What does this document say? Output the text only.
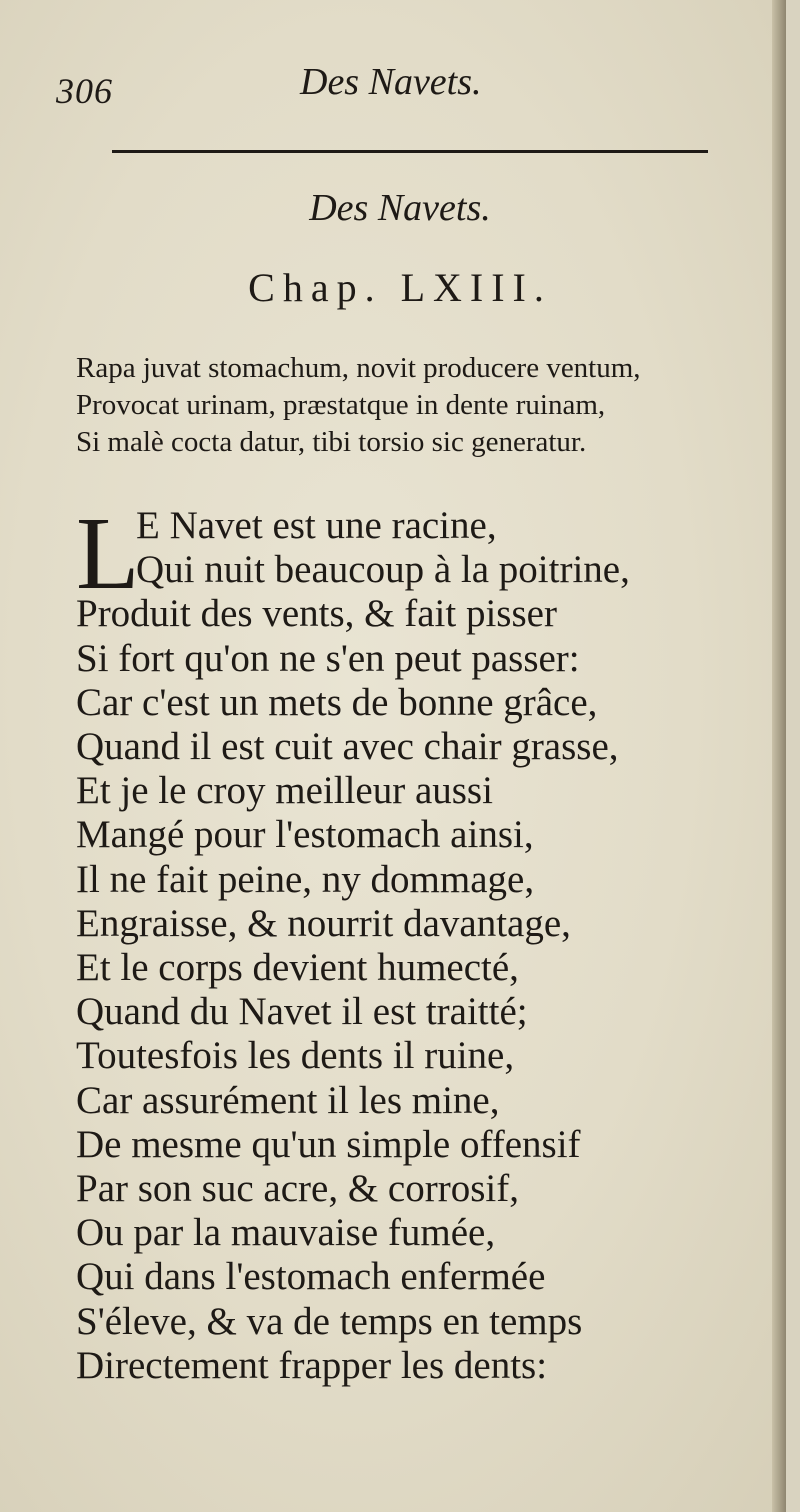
306	Des Navets.
Des Navets.
Chap. LXIII.
Rapa juvat stomachum, novit producere ventum,
Provocat urinam, præstatque in dente ruinam,
Si malè cocta datur, tibi torsio sic generatur.
L
E Navet est une racine,
Qui nuit beaucoup à la poitrine,
Produit des vents, & fait pisser
Si fort qu'on ne s'en peut passer:
Car c'est un mets de bonne grâce,
Quand il est cuit avec chair grasse,
Et je le croy meilleur aussi
Mangé pour l'estomach ainsi,
Il ne fait peine, ny dommage,
Engraisse, & nourrit davantage,
Et le corps devient humecté,
Quand du Navet il est traitté;
Toutesfois les dents il ruine,
Car assurément il les mine,
De mesme qu'un simple offensif
Par son suc acre, & corrosif,
Ou par la mauvaise fumée,
Qui dans l'estomach enfermée
S'éleve, & va de temps en temps
Directement frapper les dents:
